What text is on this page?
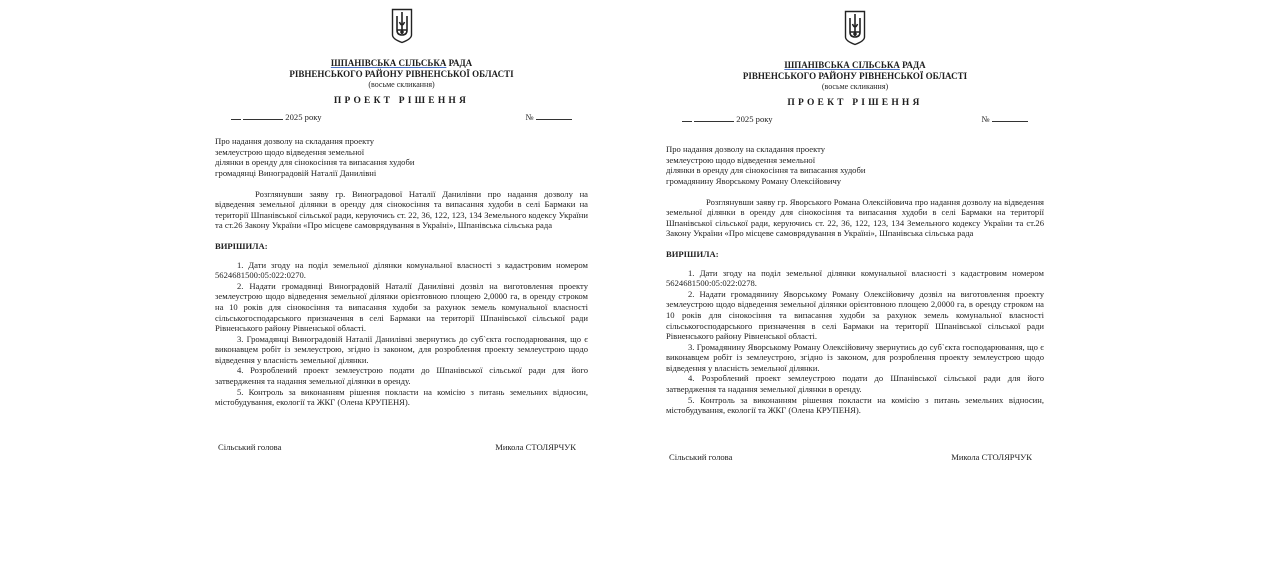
ШПАНІВСЬКА СІЛЬСЬКА РАДА
РІВНЕНСЬКОГО РАЙОНУ РІВНЕНСЬКОЇ ОБЛАСТІ
(восьме скликання)
ПРОЕКТ РІШЕННЯ
2025 року	№
Про надання дозволу на складання проекту
землеустрою щодо відведення земельної
ділянки в оренду для сінокосіння та випасання худоби
громадянці Виноградовій Наталії Данилівні
Розглянувши заяву гр. Виноградової Наталії Данилівни про надання дозволу на відведення земельної ділянки в оренду для сінокосіння та випасання худоби в селі Бармаки на території Шпанівської сільської ради, керуючись ст. 22, 36, 122, 123, 134 Земельного кодексу України та ст.26 Закону України «Про місцеве самоврядування в Україні», Шпанівська сільська рада
ВИРІШИЛА:
1. Дати згоду на поділ земельної ділянки комунальної власності з кадастровим номером 5624681500:05:022:0270.
2. Надати громадянці Виноградовій Наталії Данилівні дозвіл на виготовлення проекту землеустрою щодо відведення земельної ділянки орієнтовною площею 2,0000 га, в оренду строком на 10 років для сінокосіння та випасання худоби за рахунок земель комунальної власності сільськогосподарського призначення в селі Бармаки на території Шпанівської сільської ради Рівненського району Рівненської області.
3. Громадянці Виноградовій Наталії Данилівні звернутись до суб`єкта господарювання, що є виконавцем робіт із землеустрою, згідно із законом, для розроблення проекту землеустрою щодо відведення у власність земельної ділянки.
4. Розроблений проект землеустрою подати до Шпанівської сільської ради для його затвердження та надання земельної ділянки в оренду.
5. Контроль за виконанням рішення покласти на комісію з питань земельних відносин, містобудування, екології та ЖКГ (Олена КРУПЕНЯ).
Сільський голова	Микола СТОЛЯРЧУК
ШПАНІВСЬКА СІЛЬСЬКА РАДА
РІВНЕНСЬКОГО РАЙОНУ РІВНЕНСЬКОЇ ОБЛАСТІ
(восьме скликання)
ПРОЕКТ РІШЕННЯ
2025 року	№
Про надання дозволу на складання проекту
землеустрою щодо відведення земельної
ділянки в оренду для сінокосіння та випасання худоби
громадянину Яворському Роману Олексійовичу
Розглянувши заяву гр. Яворського Романа Олексійовича про надання дозволу на відведення земельної ділянки в оренду для сінокосіння та випасання худоби в селі Бармаки на території Шпанівської сільської ради, керуючись ст. 22, 36, 122, 123, 134 Земельного кодексу України та ст.26 Закону України «Про місцеве самоврядування в Україні», Шпанівська сільська рада
ВИРІШИЛА:
1. Дати згоду на поділ земельної ділянки комунальної власності з кадастровим номером 5624681500:05:022:0278.
2. Надати громадянину Яворському Роману Олексійовичу дозвіл на виготовлення проекту землеустрою щодо відведення земельної ділянки орієнтовною площею 2,0000 га, в оренду строком на 10 років для сінокосіння та випасання худоби за рахунок земель комунальної власності сільськогосподарського призначення в селі Бармаки на території Шпанівської сільської ради Рівненського району Рівненської області.
3. Громадянину Яворському Роману Олексійовичу звернутись до суб`єкта господарювання, що є виконавцем робіт із землеустрою, згідно із законом, для розроблення проекту землеустрою щодо відведення у власність земельної ділянки.
4. Розроблений проект землеустрою подати до Шпанівської сільської ради для його затвердження та надання земельної ділянки в оренду.
5. Контроль за виконанням рішення покласти на комісію з питань земельних відносин, містобудування, екології та ЖКГ (Олена КРУПЕНЯ).
Сільський голова	Микола СТОЛЯРЧУК
